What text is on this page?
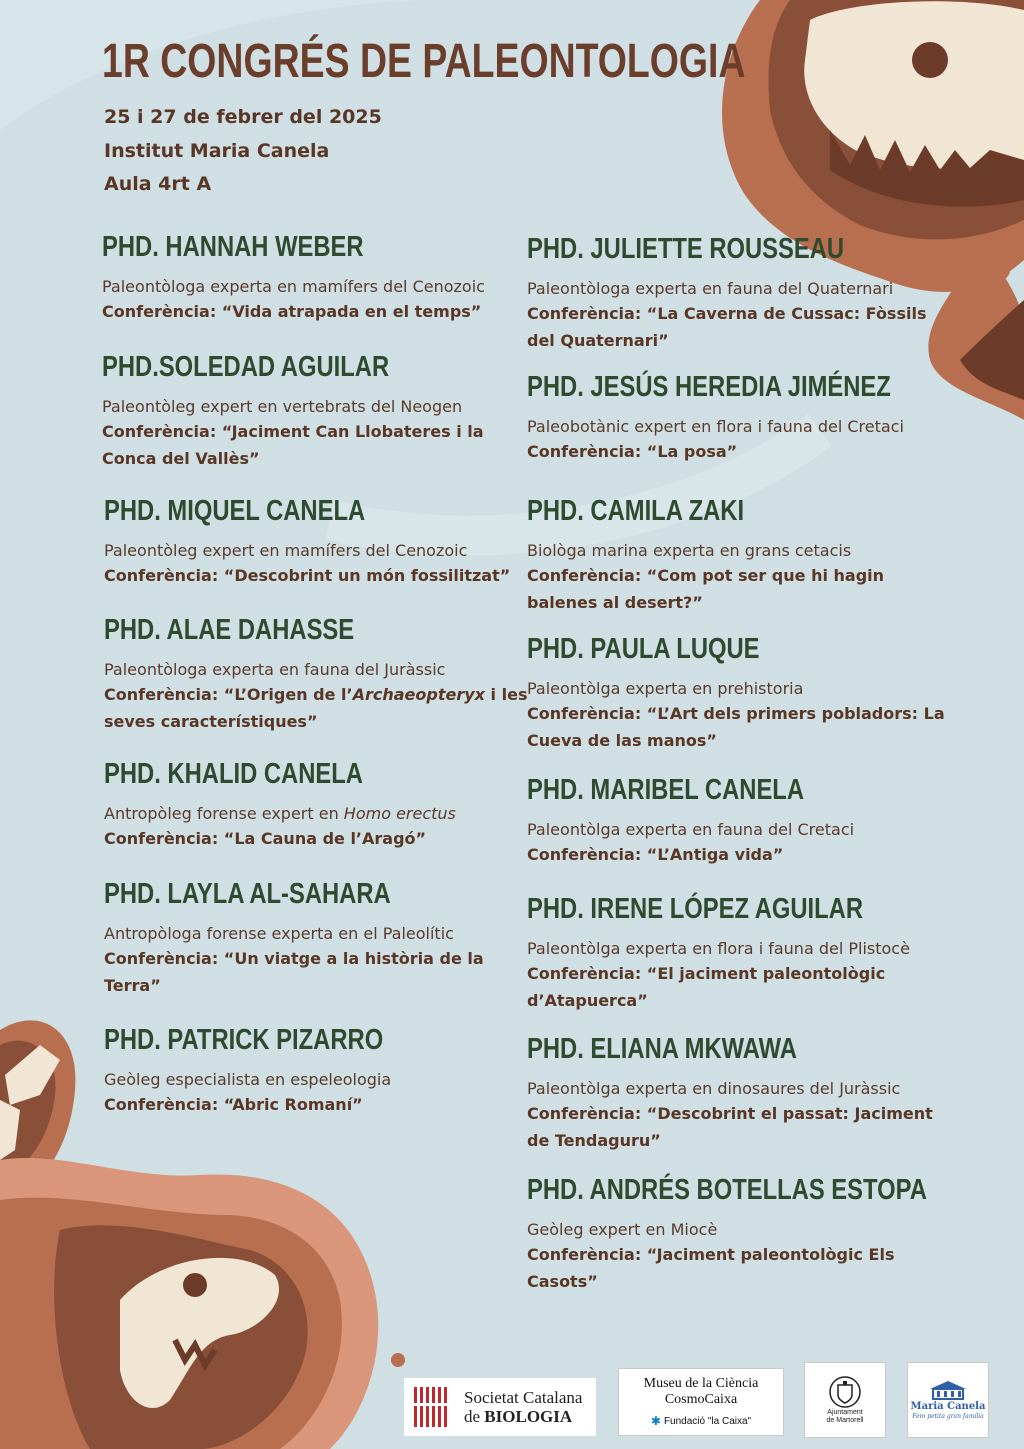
1R CONGRÉS DE PALEONTOLOGIA
25 i 27 de febrer del 2025
Institut Maria Canela
Aula 4rt A
PHD. HANNAH WEBER
Paleontòloga experta en mamífers del Cenozoic
Conferència: “Vida atrapada en el temps”
PHD.SOLEDAD AGUILAR
Paleontòleg expert en vertebrats del Neogen
Conferència: “Jaciment Can Llobateres i la Conca del Vallès”
PHD. MIQUEL CANELA
Paleontòleg expert en mamífers del Cenozoic
Conferència: “Descobrint un món fossilitzat”
PHD. ALAE DAHASSE
Paleontòloga experta en fauna del Juràssic
Conferència: “L’Origen de l’Archaeopteryx i les seves característiques”
PHD. KHALID CANELA
Antropòleg forense expert en Homo erectus
Conferència: “La Cauna de l’Aragó”
PHD. LAYLA AL-SAHARA
Antropòloga forense experta en el Paleolític
Conferència: “Un viatge a la història de la Terra”
PHD. PATRICK PIZARRO
Geòleg especialista en espeleologia
Conferència: “Abric Romaní”
PHD. JULIETTE ROUSSEAU
Paleontòloga experta en fauna del Quaternari
Conferència: “La Caverna de Cussac: Fòssils del Quaternari”
PHD. JESÚS HEREDIA JIMÉNEZ
Paleobotànic expert en flora i fauna del Cretaci
Conferència: “La posa”
PHD. CAMILA ZAKI
Biològa marina experta en grans cetacis
Conferència: “Com pot ser que hi hagin balenes al desert?”
PHD. PAULA LUQUE
Paleontòlga experta en prehistoria
Conferència: “L’Art dels primers pobladors: La Cueva de las manos”
PHD. MARIBEL CANELA
Paleontòlga experta en fauna del Cretaci
Conferència: “L’Antiga vida”
PHD. IRENE LÓPEZ AGUILAR
Paleontòlga experta en flora i fauna del Plistocè
Conferència: “El jaciment paleontològic d’Atapuerca”
PHD. ELIANA MKWAWA
Paleontòlga experta en dinosaures del Juràssic
Conferència: “Descobrint el passat: Jaciment de Tendaguru”
PHD. ANDRÉS BOTELLAS ESTOPA
Geòleg expert en Miocè
Conferència: “Jaciment paleontològic Els Casots”
Societat Catalana
de BIOLOGIA
Museu de la Ciència
CosmoCaixa
✱ Fundació "la Caixa"
Ajuntament
de Martorell
Maria Canela
Fem petita gran família
